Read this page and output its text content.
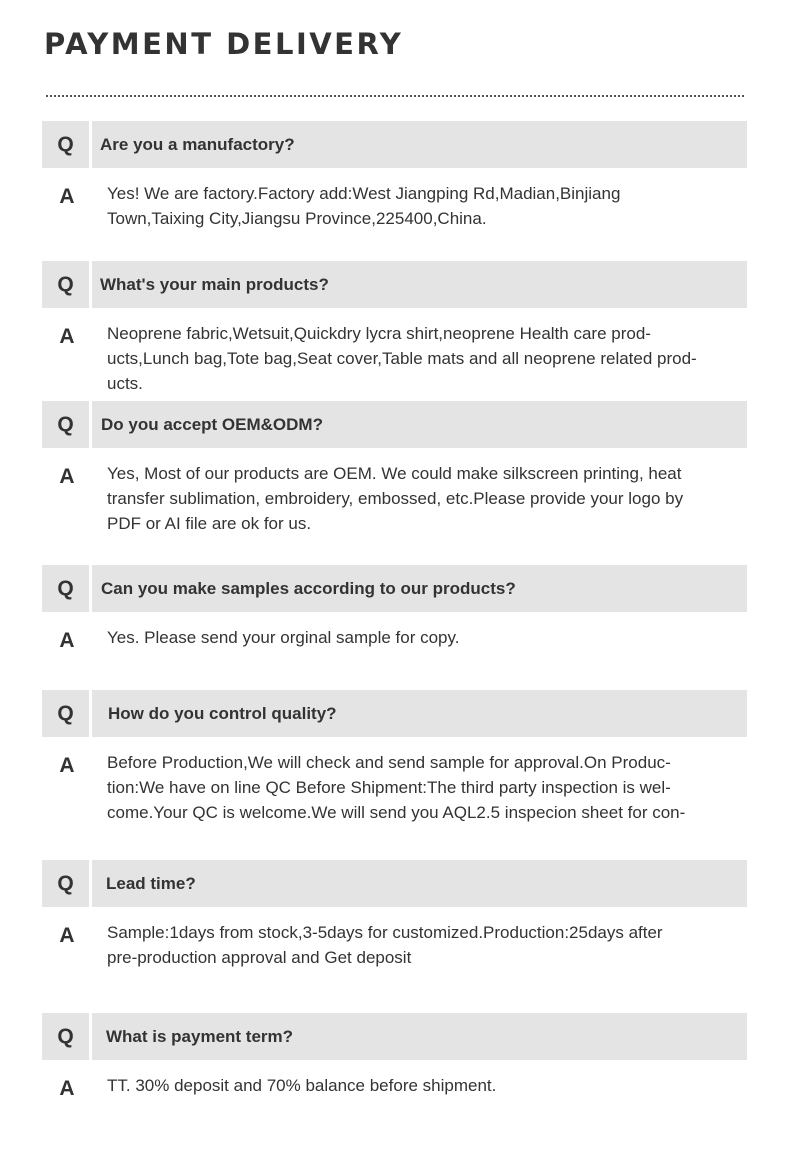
PAYMENT DELIVERY
Q	Are you a manufactory?
A	Yes! We are factory.Factory add:West Jiangping Rd,Madian,Binjiang
Town,Taixing City,Jiangsu Province,225400,China.
Q	What's your main products?
A	Neoprene fabric,Wetsuit,Quickdry lycra shirt,neoprene Health care prod-
ucts,Lunch bag,Tote bag,Seat cover,Table mats and all neoprene related prod-
ucts.
Q	Do you accept OEM&ODM?
A	Yes, Most of our products are OEM. We could make silkscreen printing, heat
transfer sublimation, embroidery, embossed, etc.Please provide your logo by
PDF or AI file are ok for us.
Q	Can you make samples according to our products?
A	Yes. Please send your orginal sample for copy.
Q	How do you control quality?
A	Before Production,We will check and send sample for approval.On Produc-
tion:We have on line QC Before Shipment:The third party inspection is wel-
come.Your QC is welcome.We will send you AQL2.5 inspecion sheet for con-
Q	Lead time?
A	Sample:1days from stock,3-5days for customized.Production:25days after
pre-production approval and Get deposit
Q	What is payment term?
A	TT. 30% deposit and 70% balance before shipment.
